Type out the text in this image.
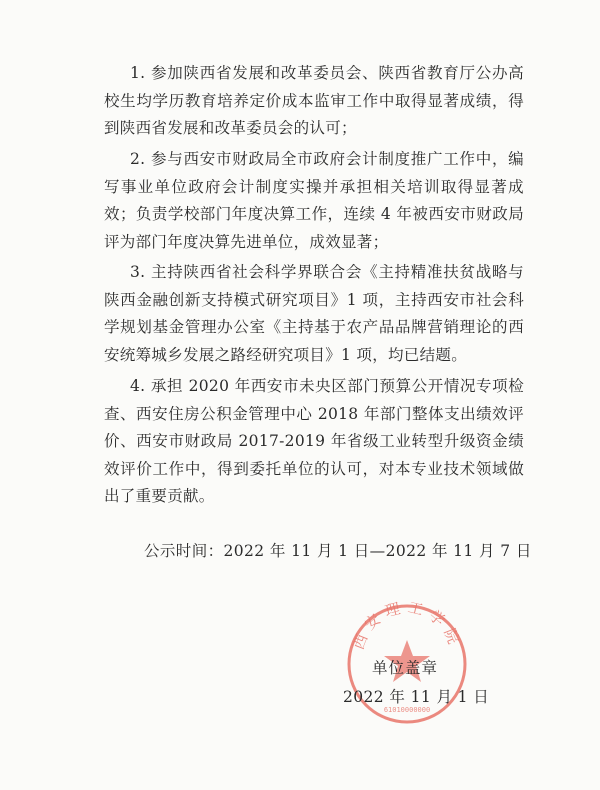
1. 参加陕西省发展和改革委员会、陕西省教育厅公办高校生均学历教育培养定价成本监审工作中取得显著成绩，得到陕西省发展和改革委员会的认可；

2. 参与西安市财政局全市政府会计制度推广工作中，编写事业单位政府会计制度实操并承担相关培训取得显著成效；负责学校部门年度决算工作，连续 4 年被西安市财政局评为部门年度决算先进单位，成效显著；

3. 主持陕西省社会科学界联合会《主持精准扶贫战略与陕西金融创新支持模式研究项目》1 项，主持西安市社会科学规划基金管理办公室《主持基于农产品品牌营销理论的西安统筹城乡发展之路经研究项目》1 项，均已结题。

4. 承担 2020 年西安市未央区部门预算公开情况专项检查、西安住房公积金管理中心 2018 年部门整体支出绩效评价、西安市财政局 2017-2019 年省级工业转型升级资金绩效评价工作中，得到委托单位的认可，对本专业技术领域做出了重要贡献。

公示时间：2022 年 11 月 1 日—2022 年 11 月 7 日

西安理工学院
61010000000

单位盖章

2022 年 11 月 1 日
